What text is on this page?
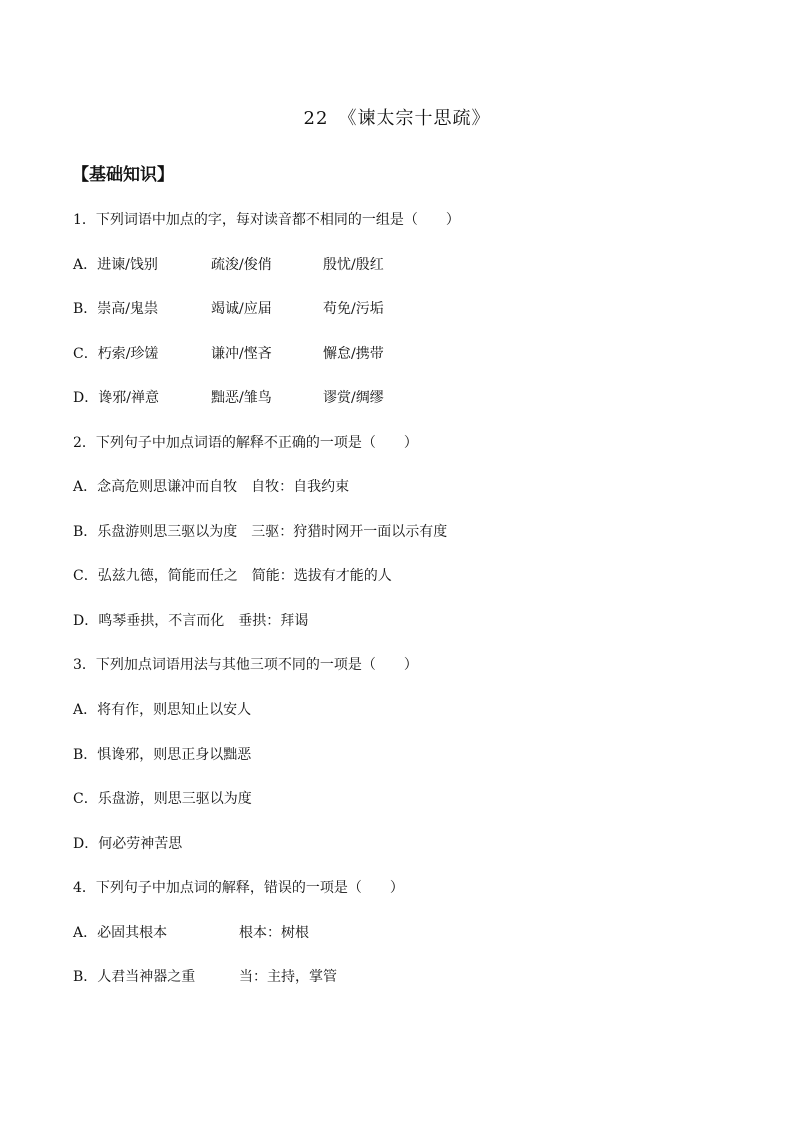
22　《谏太宗十思疏》
【基础知识】
1．下列词语中加点的字，每对读音都不相同的一组是（　　）
A．进谏/饯别	疏浚/俊俏	殷忧/殷红
B．崇高/鬼祟	竭诚/应届	苟免/污垢
C．朽索/珍馐	谦冲/悭吝	懈怠/携带
D．谗邪/禅意	黜恶/雏鸟	谬赏/绸缪
2．下列句子中加点词语的解释不正确的一项是（　　）
A．念高危则思谦冲而自牧　自牧：自我约束
B．乐盘游则思三驱以为度　三驱：狩猎时网开一面以示有度
C．弘兹九德，简能而任之　简能：选拔有才能的人
D．鸣琴垂拱，不言而化　垂拱：拜谒
3．下列加点词语用法与其他三项不同的一项是（　　）
A．将有作，则思知止以安人
B．惧谗邪，则思正身以黜恶
C．乐盘游，则思三驱以为度
D．何必劳神苦思
4．下列句子中加点词的解释，错误的一项是（　　）
A．必固其根本	根本：树根
B．人君当神器之重	当：主持，掌管
